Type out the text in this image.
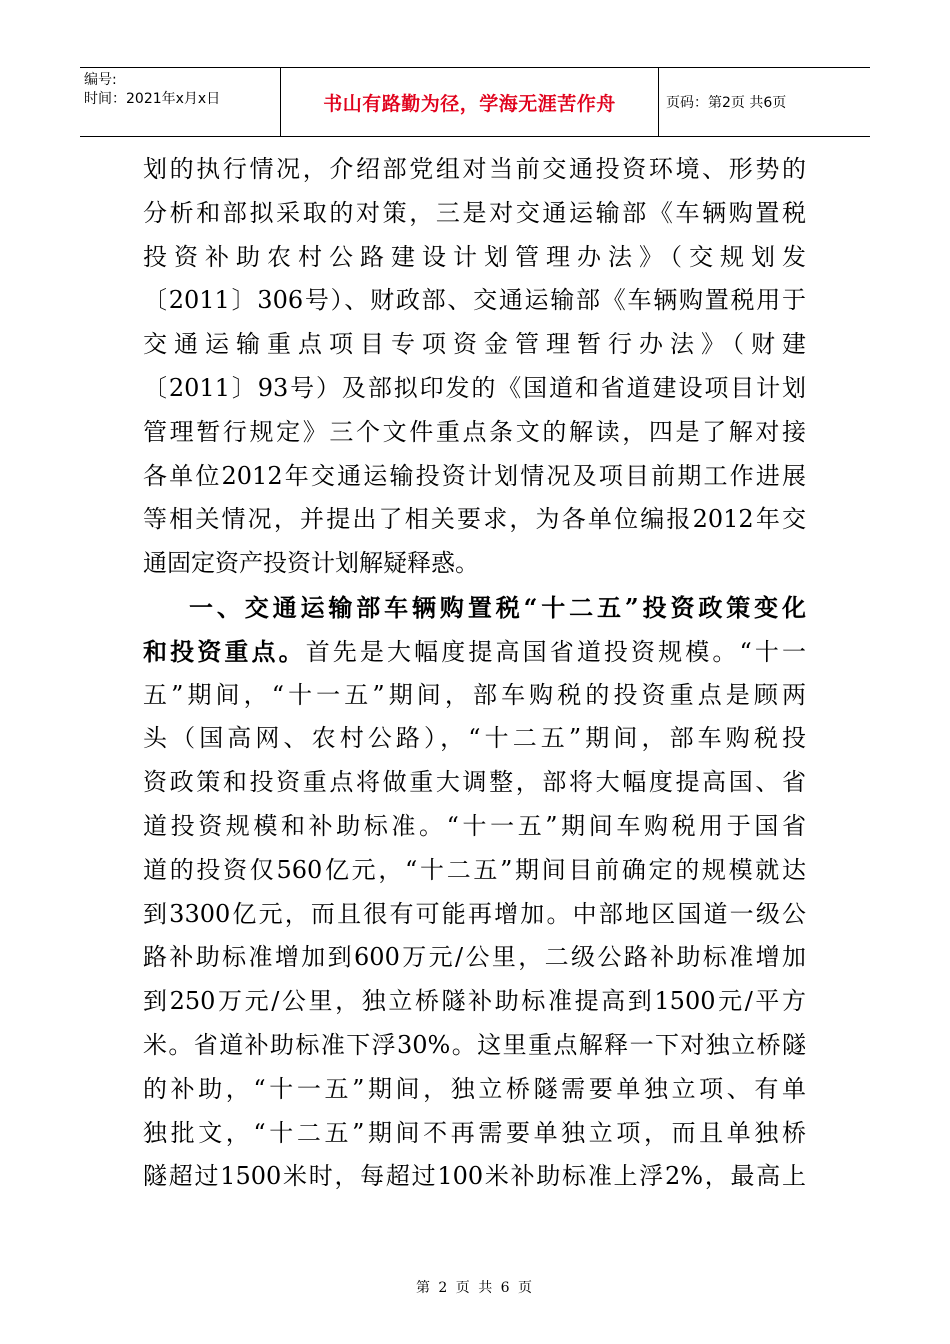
编号:
时间：2021年x月x日	书山有路勤为径，学海无涯苦作舟	页码：第2页 共6页
划的执行情况，介绍部党组对当前交通投资环境、形势的
分析和部拟采取的对策，三是对交通运输部《车辆购置税
投资补助农村公路建设计划管理办法》（交规划发
〔2011〕306号）、财政部、交通运输部《车辆购置税用于
交通运输重点项目专项资金管理暂行办法》（财建
〔2011〕93号）及部拟印发的《国道和省道建设项目计划
管理暂行规定》三个文件重点条文的解读，四是了解对接
各单位2012年交通运输投资计划情况及项目前期工作进展
等相关情况，并提出了相关要求，为各单位编报2012年交
通固定资产投资计划解疑释惑。
一、交通运输部车辆购置税“十二五”投资政策变化
和投资重点。首先是大幅度提高国省道投资规模。“十一
五”期间，“十一五”期间，部车购税的投资重点是顾两
头（国高网、农村公路），“十二五”期间，部车购税投
资政策和投资重点将做重大调整，部将大幅度提高国、省
道投资规模和补助标准。“十一五”期间车购税用于国省
道的投资仅560亿元，“十二五”期间目前确定的规模就达
到3300亿元，而且很有可能再增加。中部地区国道一级公
路补助标准增加到600万元/公里，二级公路补助标准增加
到250万元/公里，独立桥隧补助标准提高到1500元/平方
米。省道补助标准下浮30%。这里重点解释一下对独立桥隧
的补助，“十一五”期间，独立桥隧需要单独立项、有单
独批文，“十二五”期间不再需要单独立项，而且单独桥
隧超过1500米时，每超过100米补助标准上浮2%，最高上
第 2 页 共 6 页
